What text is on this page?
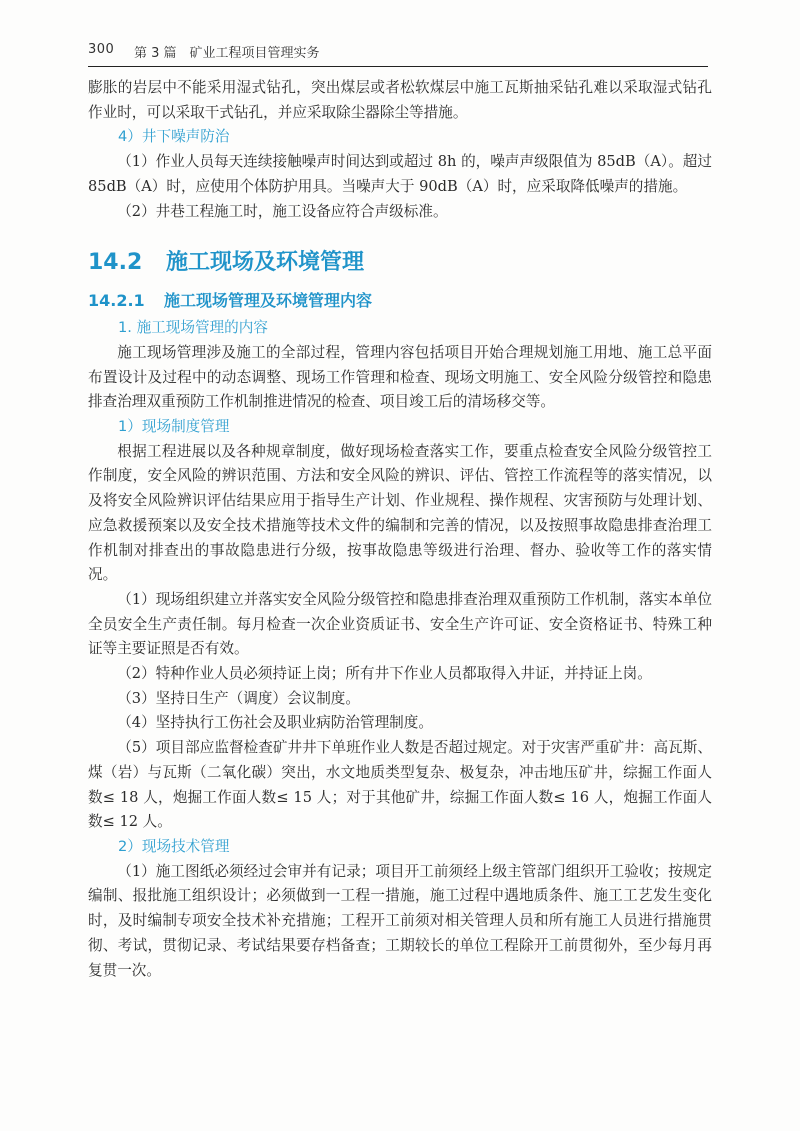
300 第 3 篇　矿业工程项目管理实务

膨胀的岩层中不能采用湿式钻孔，突出煤层或者松软煤层中施工瓦斯抽采钻孔难以采取湿式钻孔作业时，可以采取干式钻孔，并应采取除尘器除尘等措施。

4）井下噪声防治

（1）作业人员每天连续接触噪声时间达到或超过 8h 的，噪声声级限值为 85dB（A）。超过 85dB（A）时，应使用个体防护用具。当噪声大于 90dB（A）时，应采取降低噪声的措施。

（2）井巷工程施工时，施工设备应符合声级标准。

14.2 施工现场及环境管理
14.2.1 施工现场管理及环境管理内容
1. 施工现场管理的内容

施工现场管理涉及施工的全部过程，管理内容包括项目开始合理规划施工用地、施工总平面布置设计及过程中的动态调整、现场工作管理和检查、现场文明施工、安全风险分级管控和隐患排查治理双重预防工作机制推进情况的检查、项目竣工后的清场移交等。

1）现场制度管理

根据工程进展以及各种规章制度，做好现场检查落实工作，要重点检查安全风险分级管控工作制度，安全风险的辨识范围、方法和安全风险的辨识、评估、管控工作流程等的落实情况，以及将安全风险辨识评估结果应用于指导生产计划、作业规程、操作规程、灾害预防与处理计划、应急救援预案以及安全技术措施等技术文件的编制和完善的情况，以及按照事故隐患排查治理工作机制对排查出的事故隐患进行分级，按事故隐患等级进行治理、督办、验收等工作的落实情况。

（1）现场组织建立并落实安全风险分级管控和隐患排查治理双重预防工作机制，落实本单位全员安全生产责任制。每月检查一次企业资质证书、安全生产许可证、安全资格证书、特殊工种证等主要证照是否有效。

（2）特种作业人员必须持证上岗；所有井下作业人员都取得入井证，并持证上岗。

（3）坚持日生产（调度）会议制度。

（4）坚持执行工伤社会及职业病防治管理制度。

（5）项目部应监督检查矿井井下单班作业人数是否超过规定。对于灾害严重矿井：高瓦斯、煤（岩）与瓦斯（二氧化碳）突出，水文地质类型复杂、极复杂，冲击地压矿井，综掘工作面人数≤ 18 人，炮掘工作面人数≤ 15 人；对于其他矿井，综掘工作面人数≤ 16 人，炮掘工作面人数≤ 12 人。

2）现场技术管理

（1）施工图纸必须经过会审并有记录；项目开工前须经上级主管部门组织开工验收；按规定编制、报批施工组织设计；必须做到一工程一措施，施工过程中遇地质条件、施工工艺发生变化时，及时编制专项安全技术补充措施；工程开工前须对相关管理人员和所有施工人员进行措施贯彻、考试，贯彻记录、考试结果要存档备查；工期较长的单位工程除开工前贯彻外，至少每月再复贯一次。
